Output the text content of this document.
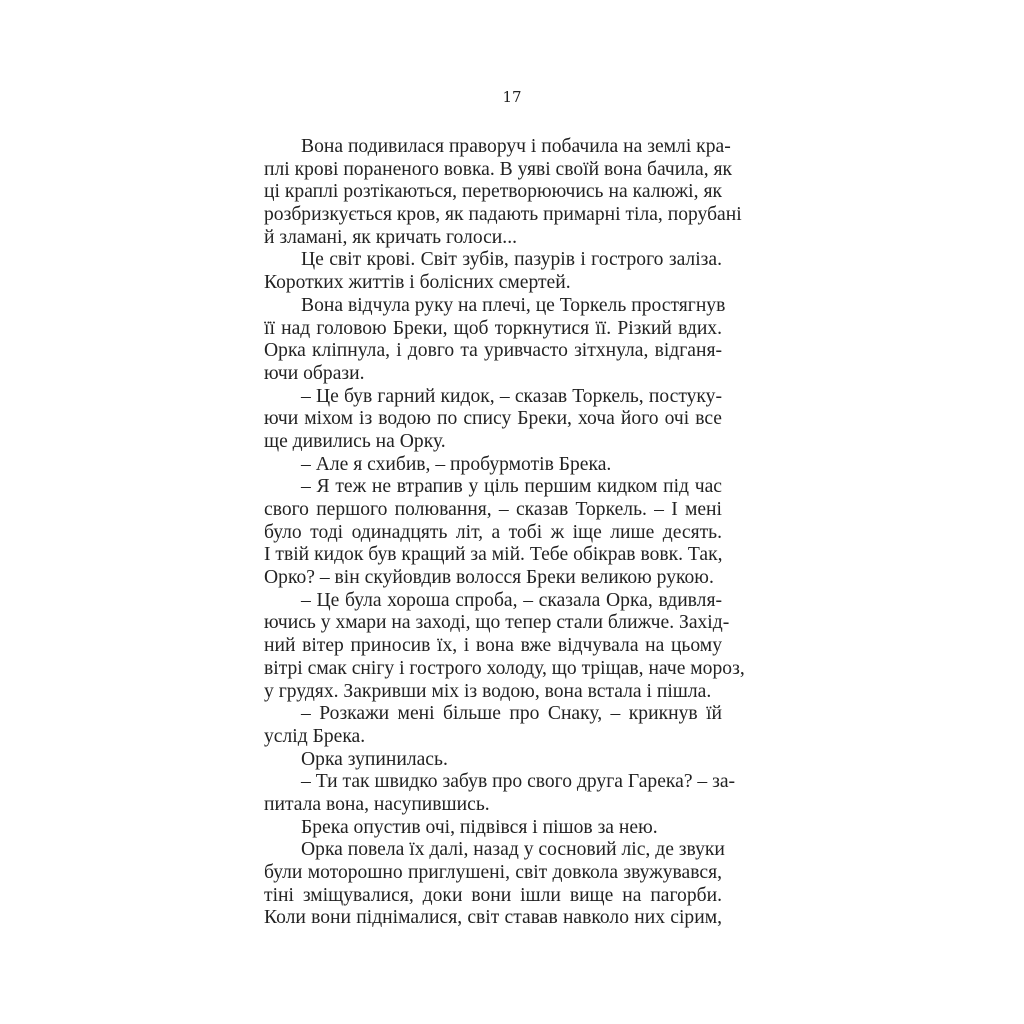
17
Вона подивилася праворуч і побачила на землі кра-
плі крові пораненого вовка. В уяві своїй вона бачила, як
ці краплі розтікаються, перетворюючись на калюжі, як
розбризкується кров, як падають примарні тіла, порубані
й зламані, як кричать голоси...
Це світ крові. Світ зубів, пазурів і гострого заліза.
Коротких життів і болісних смертей.
Вона відчула руку на плечі, це Торкель простягнув
її над головою Бреки, щоб торкнутися її. Різкий вдих.
Орка кліпнула, і довго та уривчасто зітхнула, відганя-
ючи образи.
– Це був гарний кидок, – сказав Торкель, постуку-
ючи міхом із водою по спису Бреки, хоча його очі все
ще дивились на Орку.
– Але я схибив, – пробурмотів Брека.
– Я теж не втрапив у ціль першим кидком під час
свого першого полювання, – сказав Торкель. – І мені
було тоді одинадцять літ, а тобі ж іще лише десять.
І твій кидок був кращий за мій. Тебе обікрав вовк. Так,
Орко? – він скуйовдив волосся Бреки великою рукою.
– Це була хороша спроба, – сказала Орка, вдивля-
ючись у хмари на заході, що тепер стали ближче. Захід-
ний вітер приносив їх, і вона вже відчувала на цьому
вітрі смак снігу і гострого холоду, що тріщав, наче мороз,
у грудях. Закривши міх із водою, вона встала і пішла.
– Розкажи мені більше про Снаку, – крикнув їй
услід Брека.
Орка зупинилась.
– Ти так швидко забув про свого друга Гарека? – за-
питала вона, насупившись.
Брека опустив очі, підвівся і пішов за нею.
Орка повела їх далі, назад у сосновий ліс, де звуки
були моторошно приглушені, світ довкола звужувався,
тіні зміщувалися, доки вони ішли вище на пагорби.
Коли вони піднімалися, світ ставав навколо них сірим,
